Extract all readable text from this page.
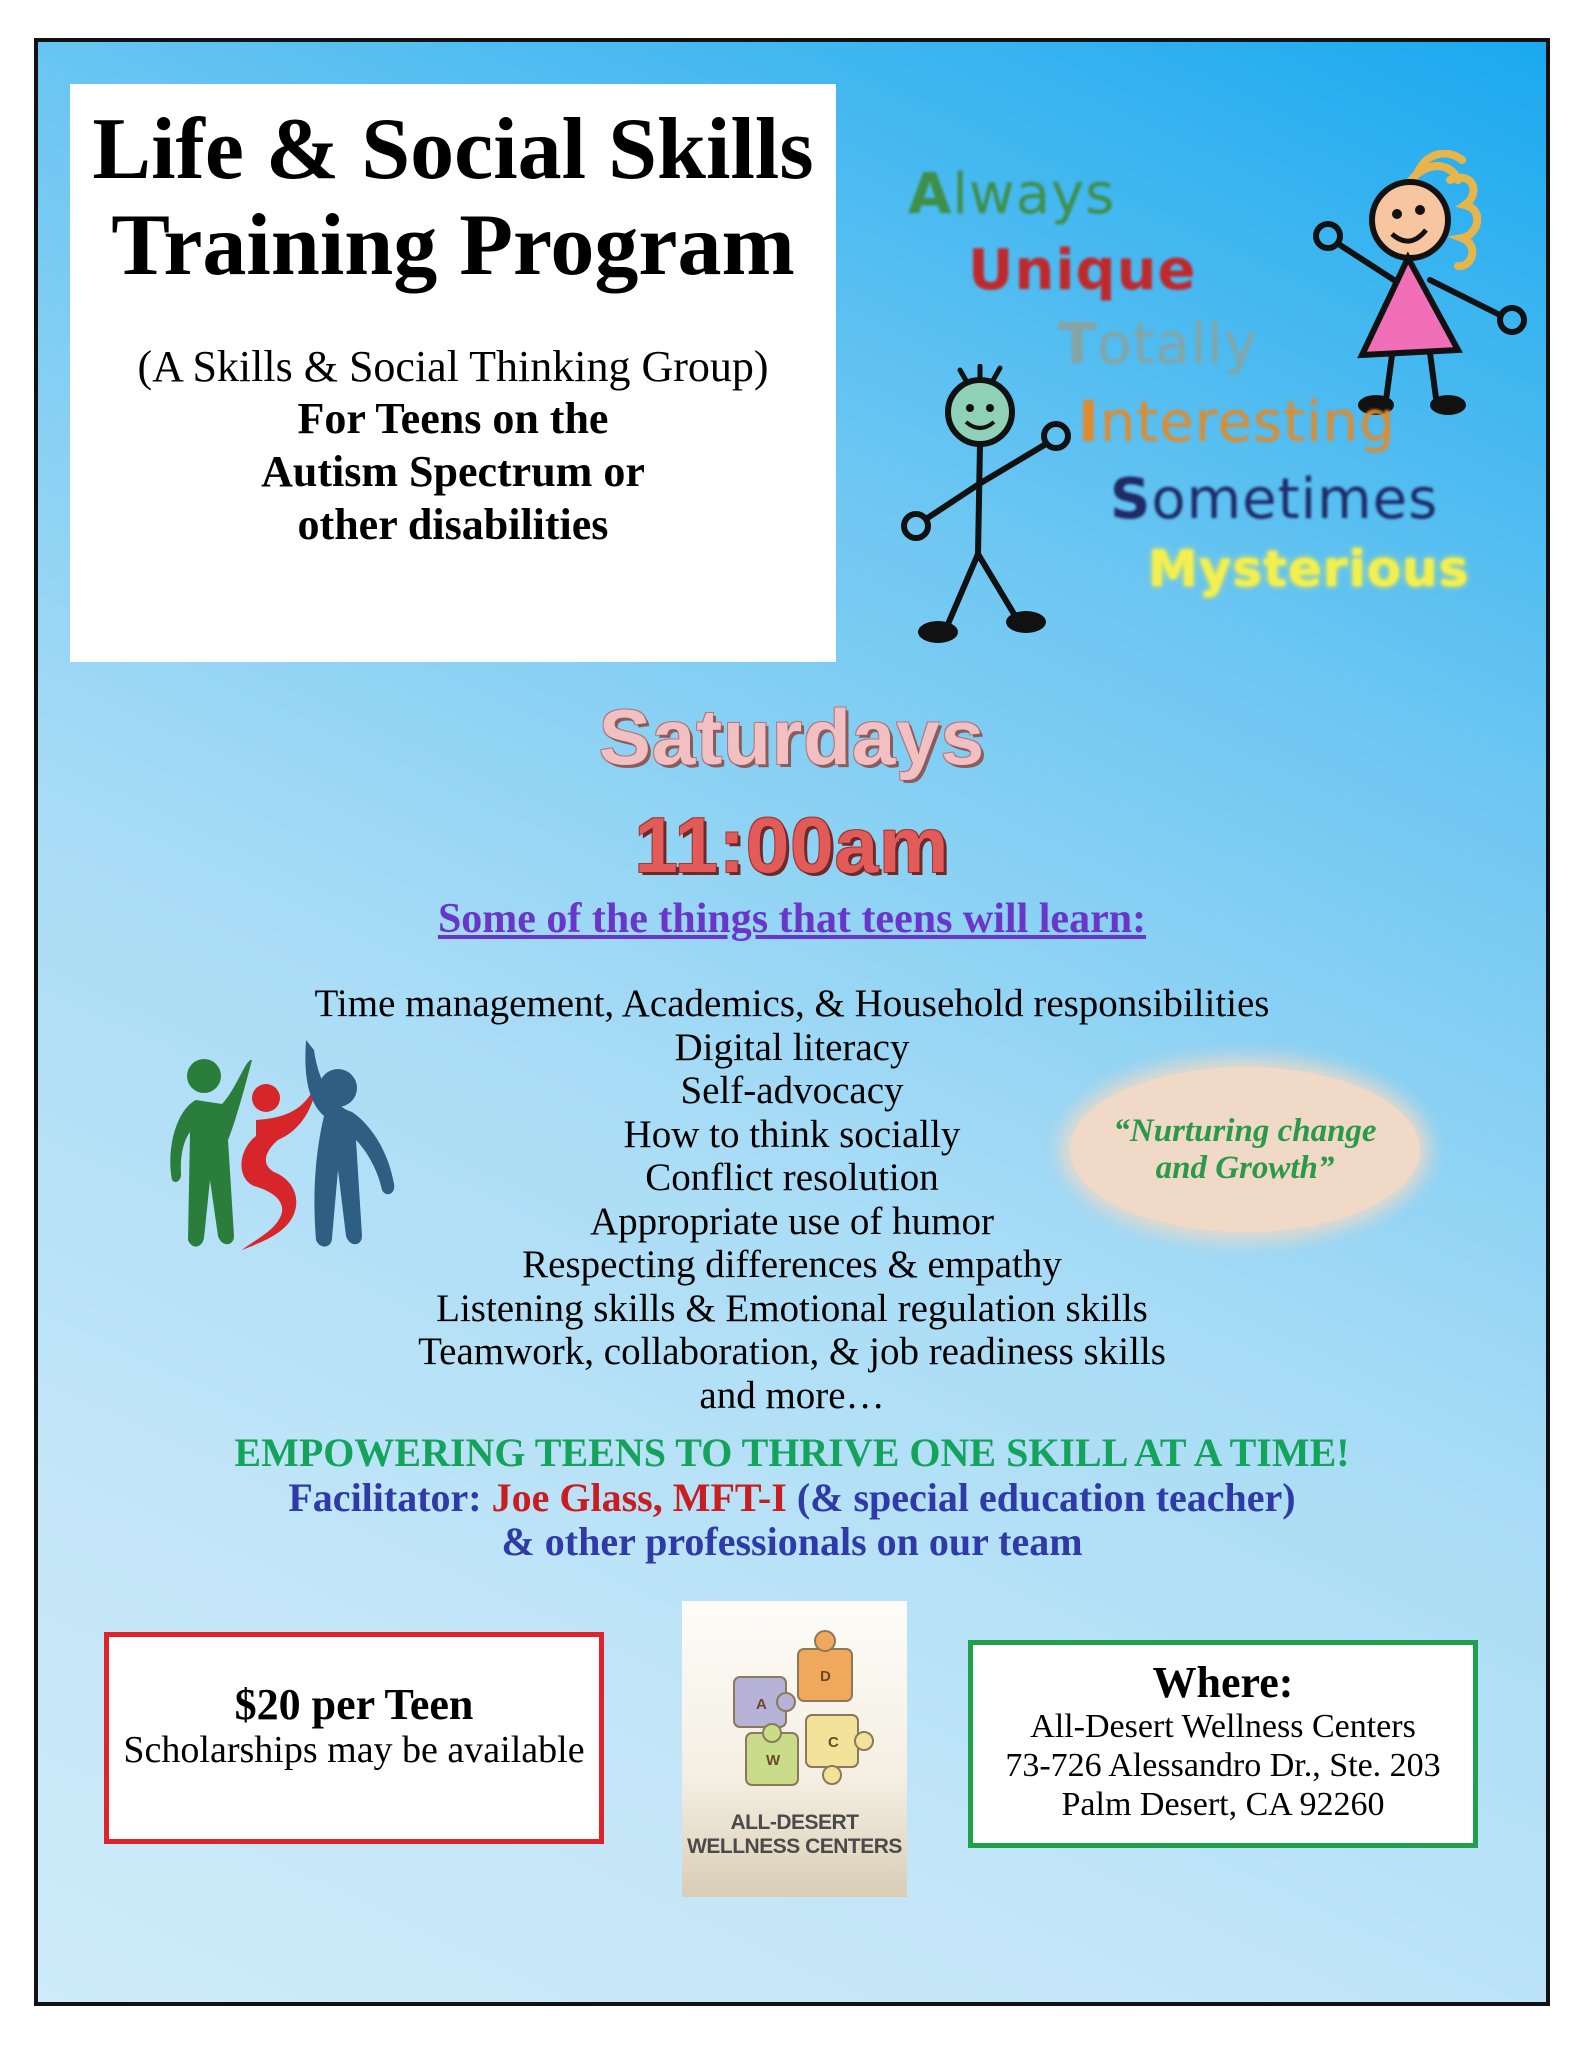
Life & Social Skills Training Program
(A Skills & Social Thinking Group)
For Teens on the
Autism Spectrum or
other disabilities
Always
Unique
Totally
Interesting
Sometimes
Mysterious
Saturdays
11:00am
Some of the things that teens will learn:
Time management, Academics, & Household responsibilities
Digital literacy
Self-advocacy
How to think socially
Conflict resolution
Appropriate use of humor
Respecting differences & empathy
Listening skills & Emotional regulation skills
Teamwork, collaboration, & job readiness skills
and more…
“Nurturing change and Growth”
EMPOWERING TEENS TO THRIVE ONE SKILL AT A TIME!
Facilitator: Joe Glass, MFT-I (& special education teacher)
& other professionals on our team
$20 per Teen
Scholarships may be available
A
D
W
C
ALL-DESERT
WELLNESS CENTERS
Where:
All-Desert Wellness Centers
73-726 Alessandro Dr., Ste. 203
Palm Desert, CA 92260
